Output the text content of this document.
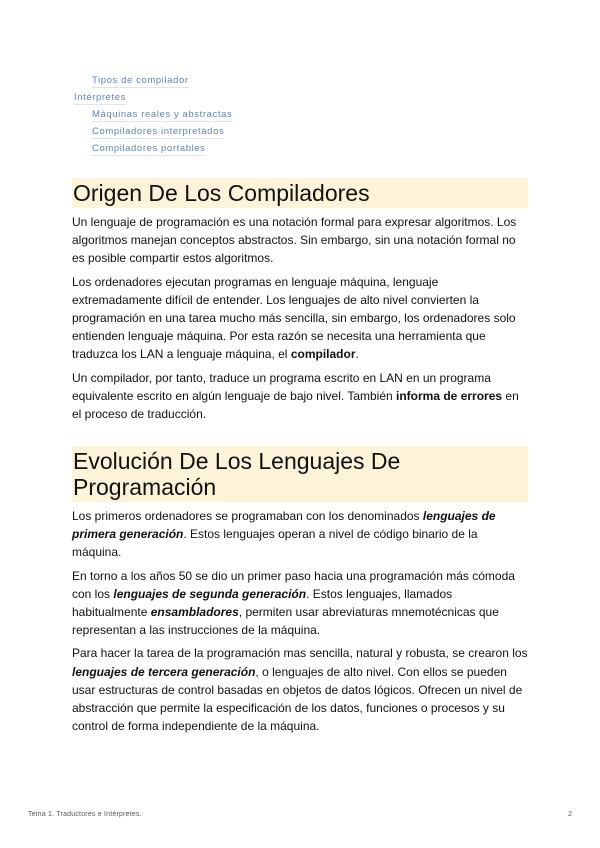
Tipos de compilador
Intérpretes
Máquinas reales y abstractas
Compiladores interpretados
Compiladores portables
Origen De Los Compiladores

Un lenguaje de programación es una notación formal para expresar algoritmos. Los algoritmos manejan conceptos abstractos. Sin embargo, sin una notación formal no es posible compartir estos algoritmos.

Los ordenadores ejecutan programas en lenguaje máquina, lenguaje extremadamente difícil de entender. Los lenguajes de alto nivel convierten la programación en una tarea mucho más sencilla, sin embargo, los ordenadores solo entienden lenguaje máquina. Por esta razón se necesita una herramienta que traduzca los LAN a lenguaje máquina, el compilador.

Un compilador, por tanto, traduce un programa escrito en LAN en un programa equivalente escrito en algún lenguaje de bajo nivel. También informa de errores en el proceso de traducción.

Evolución De Los Lenguajes De Programación

Los primeros ordenadores se programaban con los denominados lenguajes de primera generación. Estos lenguajes operan a nivel de código binario de la máquina.

En torno a los años 50 se dio un primer paso hacia una programación más cómoda con los lenguajes de segunda generación. Estos lenguajes, llamados habitualmente ensambladores, permiten usar abreviaturas mnemotécnicas que representan a las instrucciones de la máquina.

Para hacer la tarea de la programación mas sencilla, natural y robusta, se crearon los lenguajes de tercera generación, o lenguajes de alto nivel. Con ellos se pueden usar estructuras de control basadas en objetos de datos lógicos. Ofrecen un nivel de abstracción que permite la especificación de los datos, funciones o procesos y su control de forma independiente de la máquina.

Tema 1. Traductores e Intérpretes.	2
